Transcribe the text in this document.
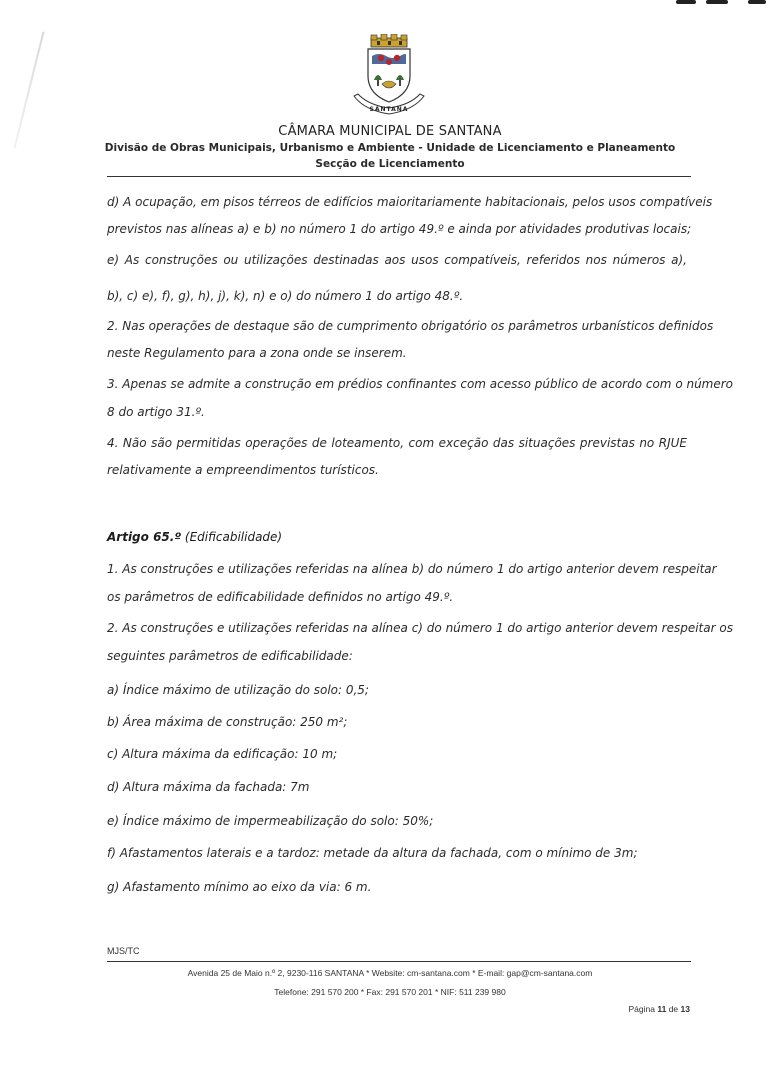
SANTANA
CÂMARA MUNICIPAL DE SANTANA
Divisão de Obras Municipais, Urbanismo e Ambiente - Unidade de Licenciamento e Planeamento
Secção de Licenciamento
d) A ocupação, em pisos térreos de edifícios maioritariamente habitacionais, pelos usos compatíveis
previstos nas alíneas a) e b) no número 1 do artigo 49.º e ainda por atividades produtivas locais;
e) As construções ou utilizações destinadas aos usos compatíveis, referidos nos números a),
b), c) e), f), g), h), j), k), n) e o) do número 1 do artigo 48.º.
2. Nas operações de destaque são de cumprimento obrigatório os parâmetros urbanísticos definidos
neste Regulamento para a zona onde se inserem.
3. Apenas se admite a construção em prédios confinantes com acesso público de acordo com o número
8 do artigo 31.º.
4. Não são permitidas operações de loteamento, com exceção das situações previstas no RJUE
relativamente a empreendimentos turísticos.
Artigo 65.º (Edificabilidade)
1. As construções e utilizações referidas na alínea b) do número 1 do artigo anterior devem respeitar
os parâmetros de edificabilidade definidos no artigo 49.º.
2. As construções e utilizações referidas na alínea c) do número 1 do artigo anterior devem respeitar os
seguintes parâmetros de edificabilidade:
a) Índice máximo de utilização do solo: 0,5;
b) Área máxima de construção: 250 m²;
c) Altura máxima da edificação: 10 m;
d) Altura máxima da fachada: 7m
e) Índice máximo de impermeabilização do solo: 50%;
f) Afastamentos laterais e a tardoz: metade da altura da fachada, com o mínimo de 3m;
g) Afastamento mínimo ao eixo da via: 6 m.
MJS/TC
Avenida 25 de Maio n.º 2, 9230-116 SANTANA * Website: cm-santana.com * E-mail: gap@cm-santana.com
Telefone: 291 570 200 * Fax: 291 570 201 * NIF: 511 239 980
Página 11 de 13
